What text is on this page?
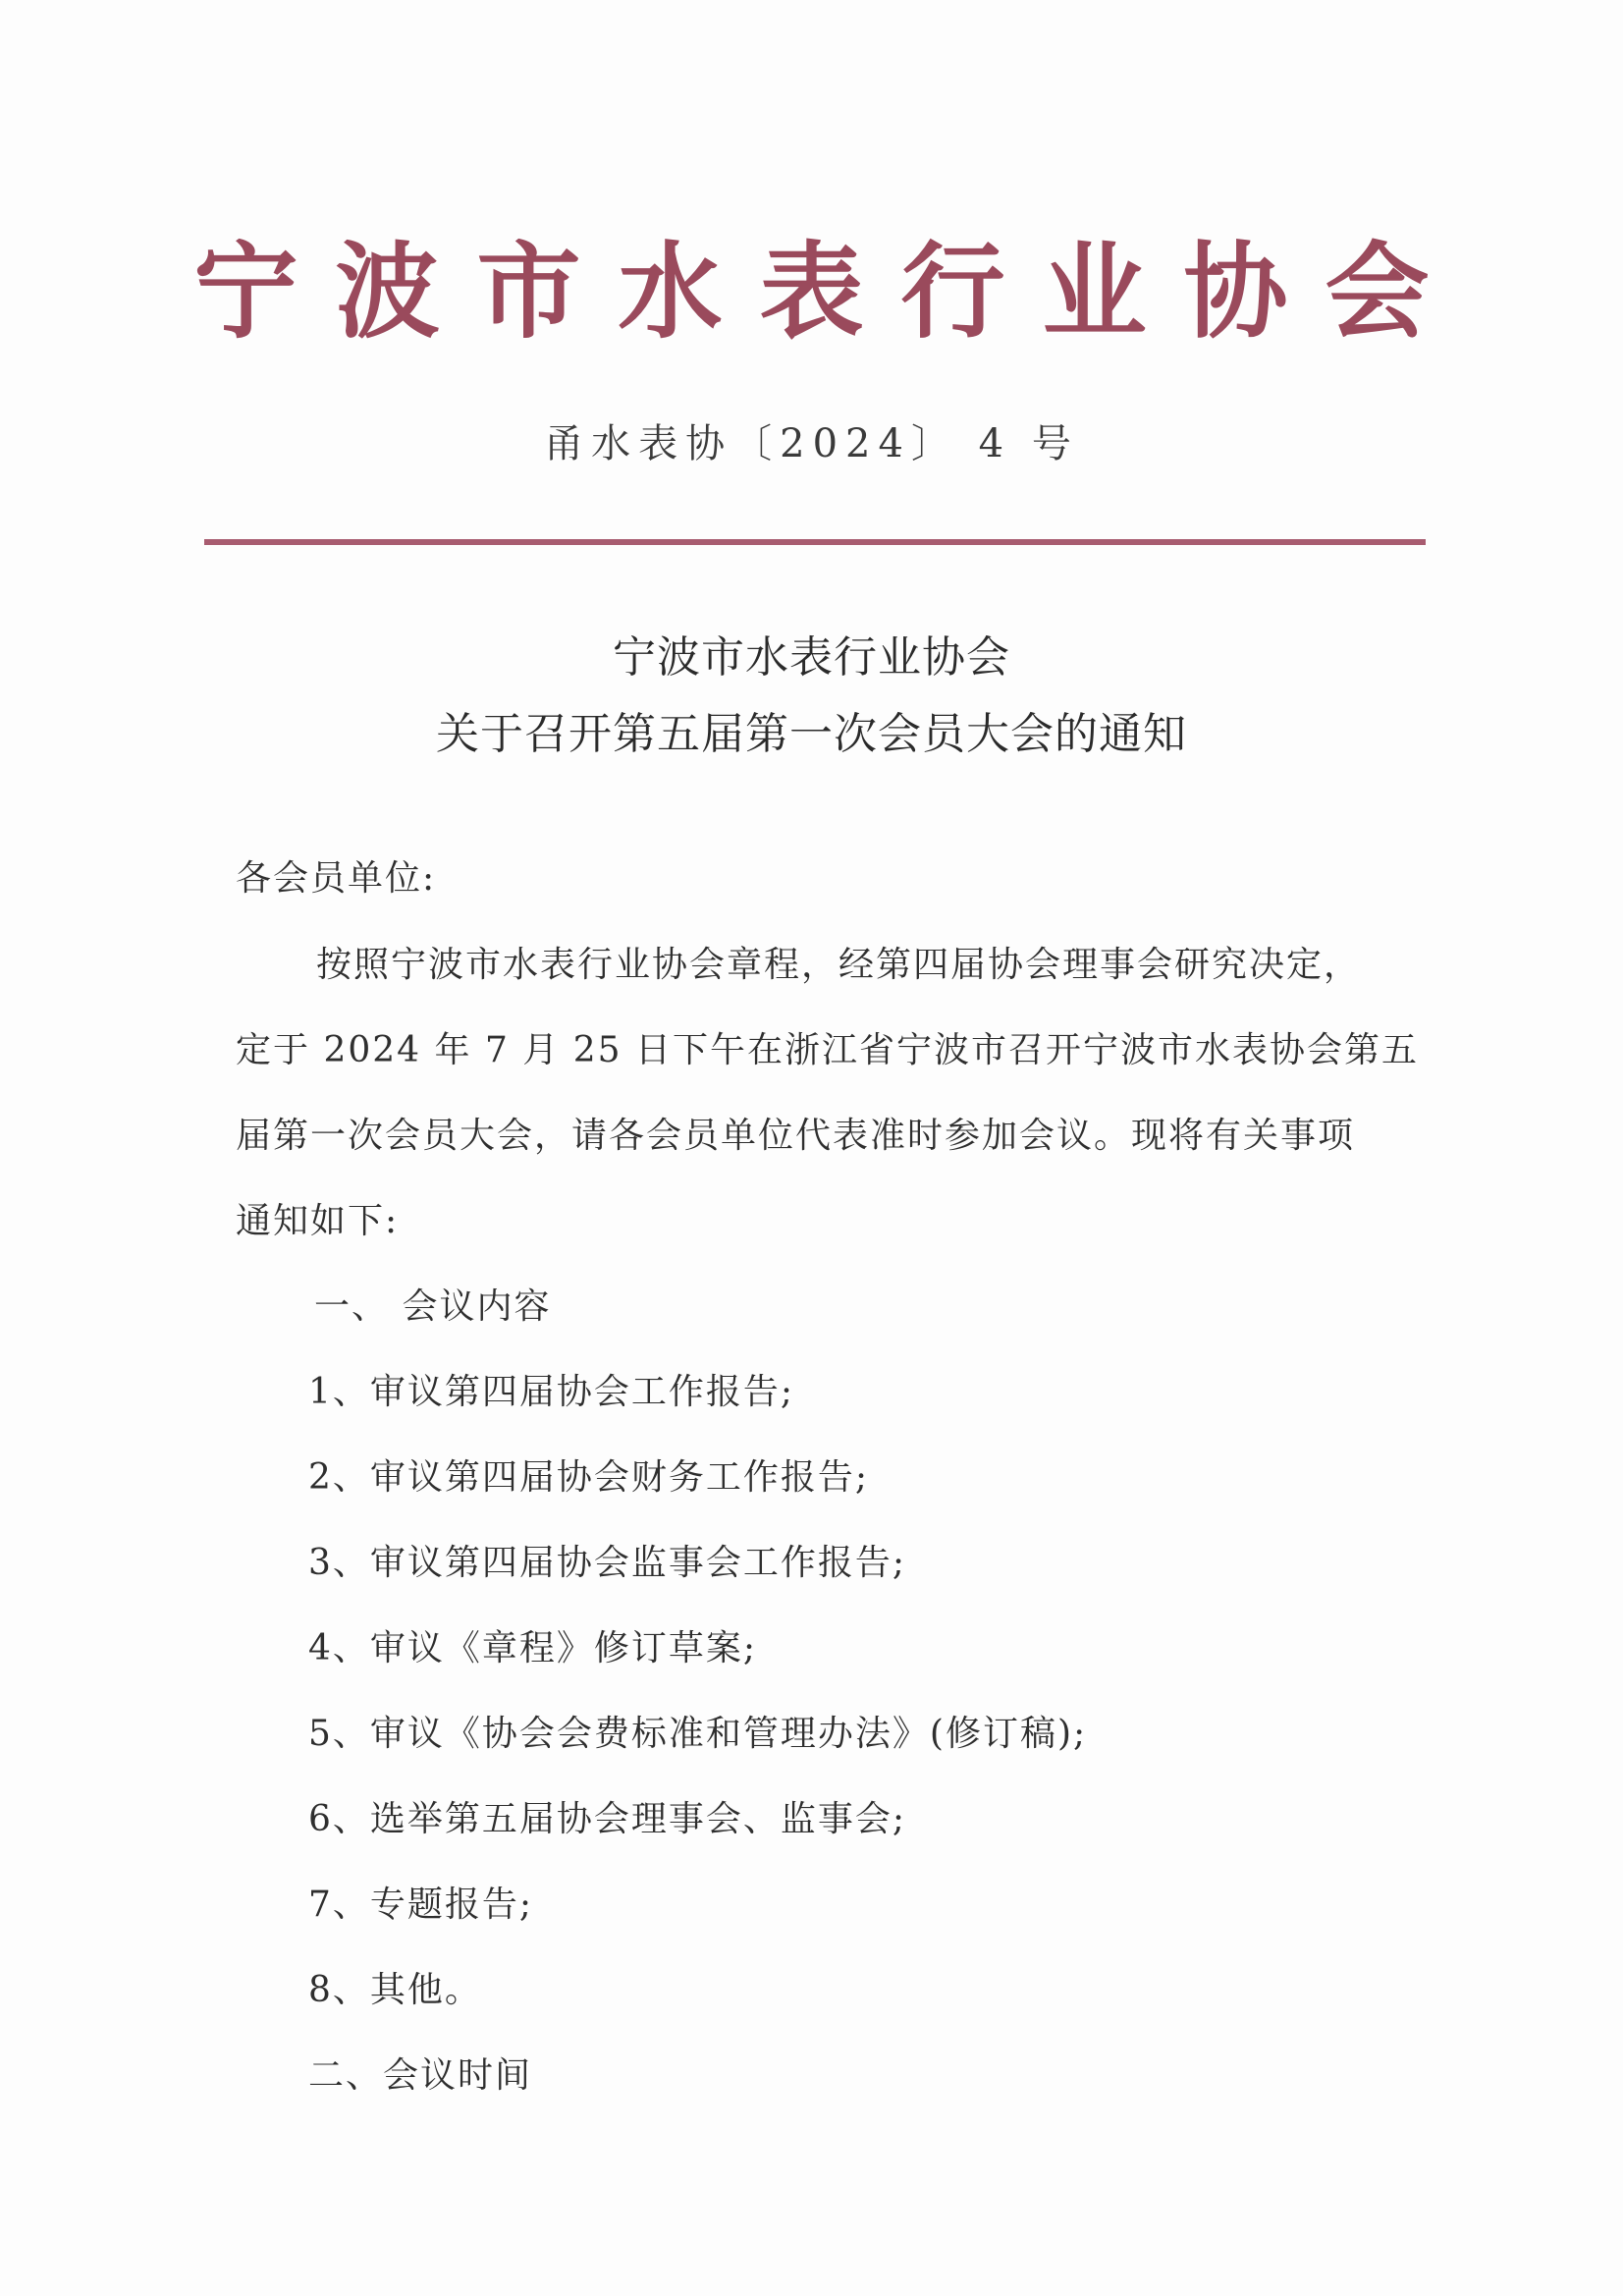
宁波市水表行业协会
甬水表协〔2024〕 4 号
宁波市水表行业协会
关于召开第五届第一次会员大会的通知
各会员单位:
按照宁波市水表行业协会章程，经第四届协会理事会研究决定，
定于 2024 年 7 月 25 日下午在浙江省宁波市召开宁波市水表协会第五
届第一次会员大会，请各会员单位代表准时参加会议。现将有关事项
通知如下:
一、 会议内容
1、审议第四届协会工作报告;
2、审议第四届协会财务工作报告;
3、审议第四届协会监事会工作报告;
4、审议《章程》修订草案;
5、审议《协会会费标准和管理办法》(修订稿);
6、选举第五届协会理事会、监事会;
7、专题报告;
8、其他。
二、会议时间
